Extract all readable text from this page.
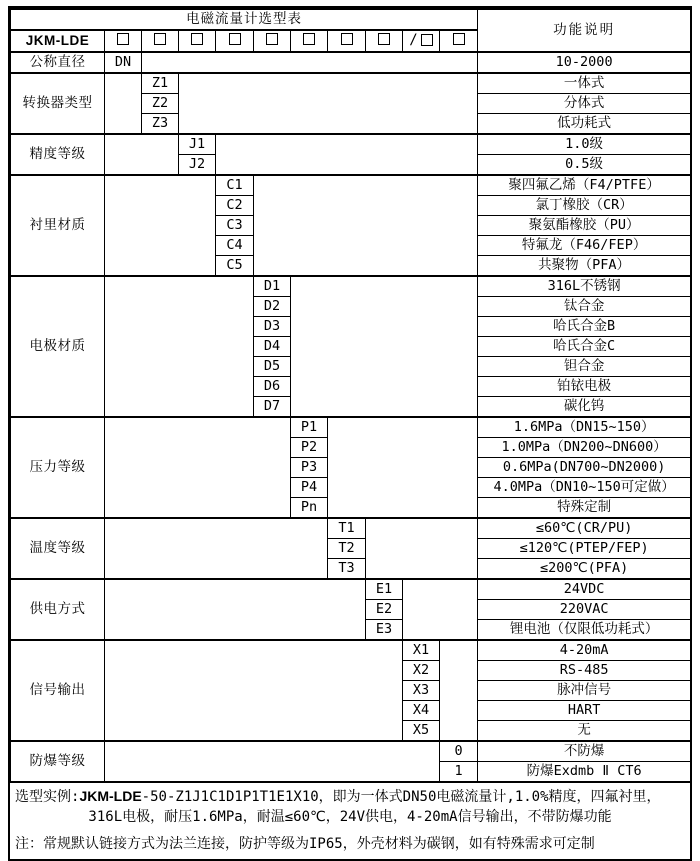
电磁流量计选型表											功能说明
JKM-LDE									/		
公称直径	DN										10-2000
转换器类型		Z1									一体式
		Z2									分体式
		Z3									低功耗式
精度等级			J1								1.0级
			J2								0.5级
衬里材质				C1							聚四氟乙烯（F4/PTFE）
				C2							氯丁橡胶（CR）
				C3							聚氨酯橡胶（PU）
				C4							特氟龙（F46/FEP）
				C5							共聚物（PFA）
电极材质					D1						316L不锈钢
					D2						钛合金
					D3						哈氏合金B
					D4						哈氏合金C
					D5						钽合金
					D6						铂铱电极
					D7						碳化钨
压力等级						P1					1.6MPa（DN15~150）
						P2					1.0MPa（DN200~DN600）
						P3					0.6MPa(DN700~DN2000)
						P4					4.0MPa（DN10~150可定做）
						Pn					特殊定制
温度等级							T1				≤60℃(CR/PU)
							T2				≤120℃(PTEP/FEP)
							T3				≤200℃(PFA)
供电方式								E1			24VDC
								E2			220VAC
								E3			锂电池（仅限低功耗式）
信号输出									X1		4-20mA
									X2		RS-485
									X3		脉冲信号
									X4		HART
									X5		无
防爆等级										0	不防爆
										1	防爆Exdmb Ⅱ CT6
选型实例:JKM-LDE-50-Z1J1C1D1P1T1E1X10，即为一体式DN50电磁流量计,1.0%精度，四氟衬里，
316L电极，耐压1.6MPa，耐温≤60℃，24V供电，4-20mA信号输出，不带防爆功能
注：常规默认链接方式为法兰连接，防护等级为IP65，外壳材料为碳钢，如有特殊需求可定制
